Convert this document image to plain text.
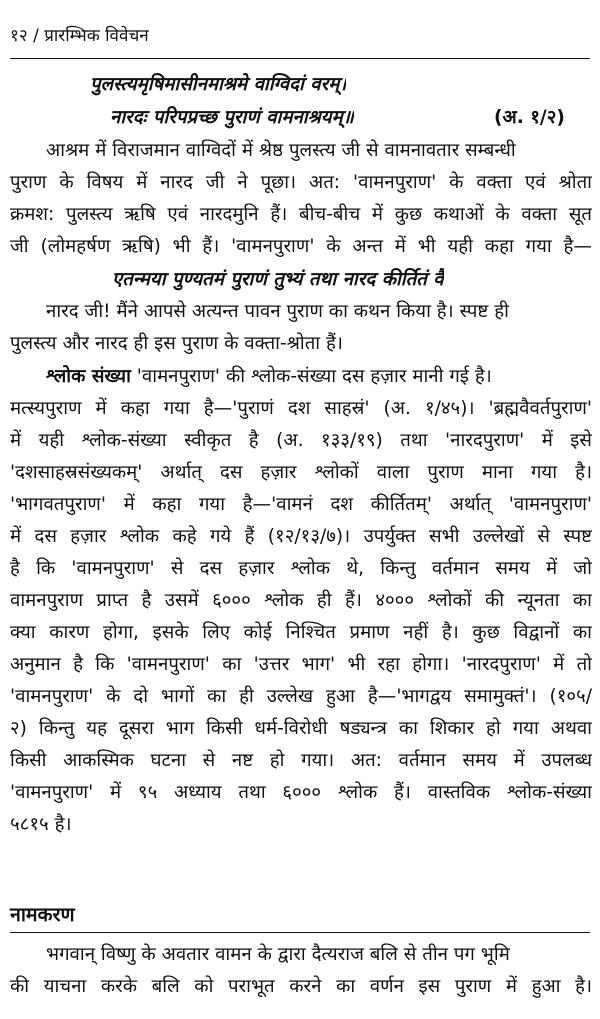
१२ / प्रारम्भिक विवेचन
पुलस्त्यमृषिमासीनमाश्रमे वाग्विदां वरम्।
नारदः परिपप्रच्छ पुराणं वामनाश्रयम्॥	(अ. १/२)
आश्रम में विराजमान वाग्विदों में श्रेष्ठ पुलस्त्य जी से वामनावतार सम्बन्धी
पुराण के विषय में नारद जी ने पूछा। अत: 'वामनपुराण' के वक्ता एवं श्रोता
क्रमश: पुलस्त्य ऋषि एवं नारदमुनि हैं। बीच-बीच में कुछ कथाओं के वक्ता सूत
जी (लोमहर्षण ऋषि) भी हैं। 'वामनपुराण' के अन्त में भी यही कहा गया है—
एतन्मया पुण्यतमं पुराणं तुभ्यं तथा नारद कीर्तितं वै
नारद जी! मैंने आपसे अत्यन्त पावन पुराण का कथन किया है। स्पष्ट ही
पुलस्त्य और नारद ही इस पुराण के वक्ता-श्रोता हैं।
श्लोक संख्या 'वामनपुराण' की श्लोक-संख्या दस हज़ार मानी गई है।
मत्स्यपुराण में कहा गया है—'पुराणं दश साहस्रं' (अ. १/४५)। 'ब्रह्मवैवर्तपुराण'
में यही श्लोक-संख्या स्वीकृत है (अ. १३३/१९) तथा 'नारदपुराण' में इसे
'दशसाहस्रसंख्यकम्' अर्थात् दस हज़ार श्लोकों वाला पुराण माना गया है।
'भागवतपुराण' में कहा गया है—'वामनं दश कीर्तितम्' अर्थात् 'वामनपुराण'
में दस हज़ार श्लोक कहे गये हैं (१२/१३/७)। उपर्युक्त सभी उल्लेखों से स्पष्ट
है कि 'वामनपुराण' से दस हज़ार श्लोक थे, किन्तु वर्तमान समय में जो
वामनपुराण प्राप्त है उसमें ६००० श्लोक ही हैं। ४००० श्लोकों की न्यूनता का
क्या कारण होगा, इसके लिए कोई निश्चित प्रमाण नहीं है। कुछ विद्वानों का
अनुमान है कि 'वामनपुराण' का 'उत्तर भाग' भी रहा होगा। 'नारदपुराण' में तो
'वामनपुराण' के दो भागों का ही उल्लेख हुआ है—'भागद्वय समामुक्तं'। (१०५/
२) किन्तु यह दूसरा भाग किसी धर्म-विरोधी षड्यन्त्र का शिकार हो गया अथवा
किसी आकस्मिक घटना से नष्ट हो गया। अत: वर्तमान समय में उपलब्ध
'वामनपुराण' में ९५ अध्याय तथा ६००० श्लोक हैं। वास्तविक श्लोक-संख्या
५८१५ है।
नामकरण
भगवान् विष्णु के अवतार वामन के द्वारा दैत्यराज बलि से तीन पग भूमि
की याचना करके बलि को पराभूत करने का वर्णन इस पुराण में हुआ है।
